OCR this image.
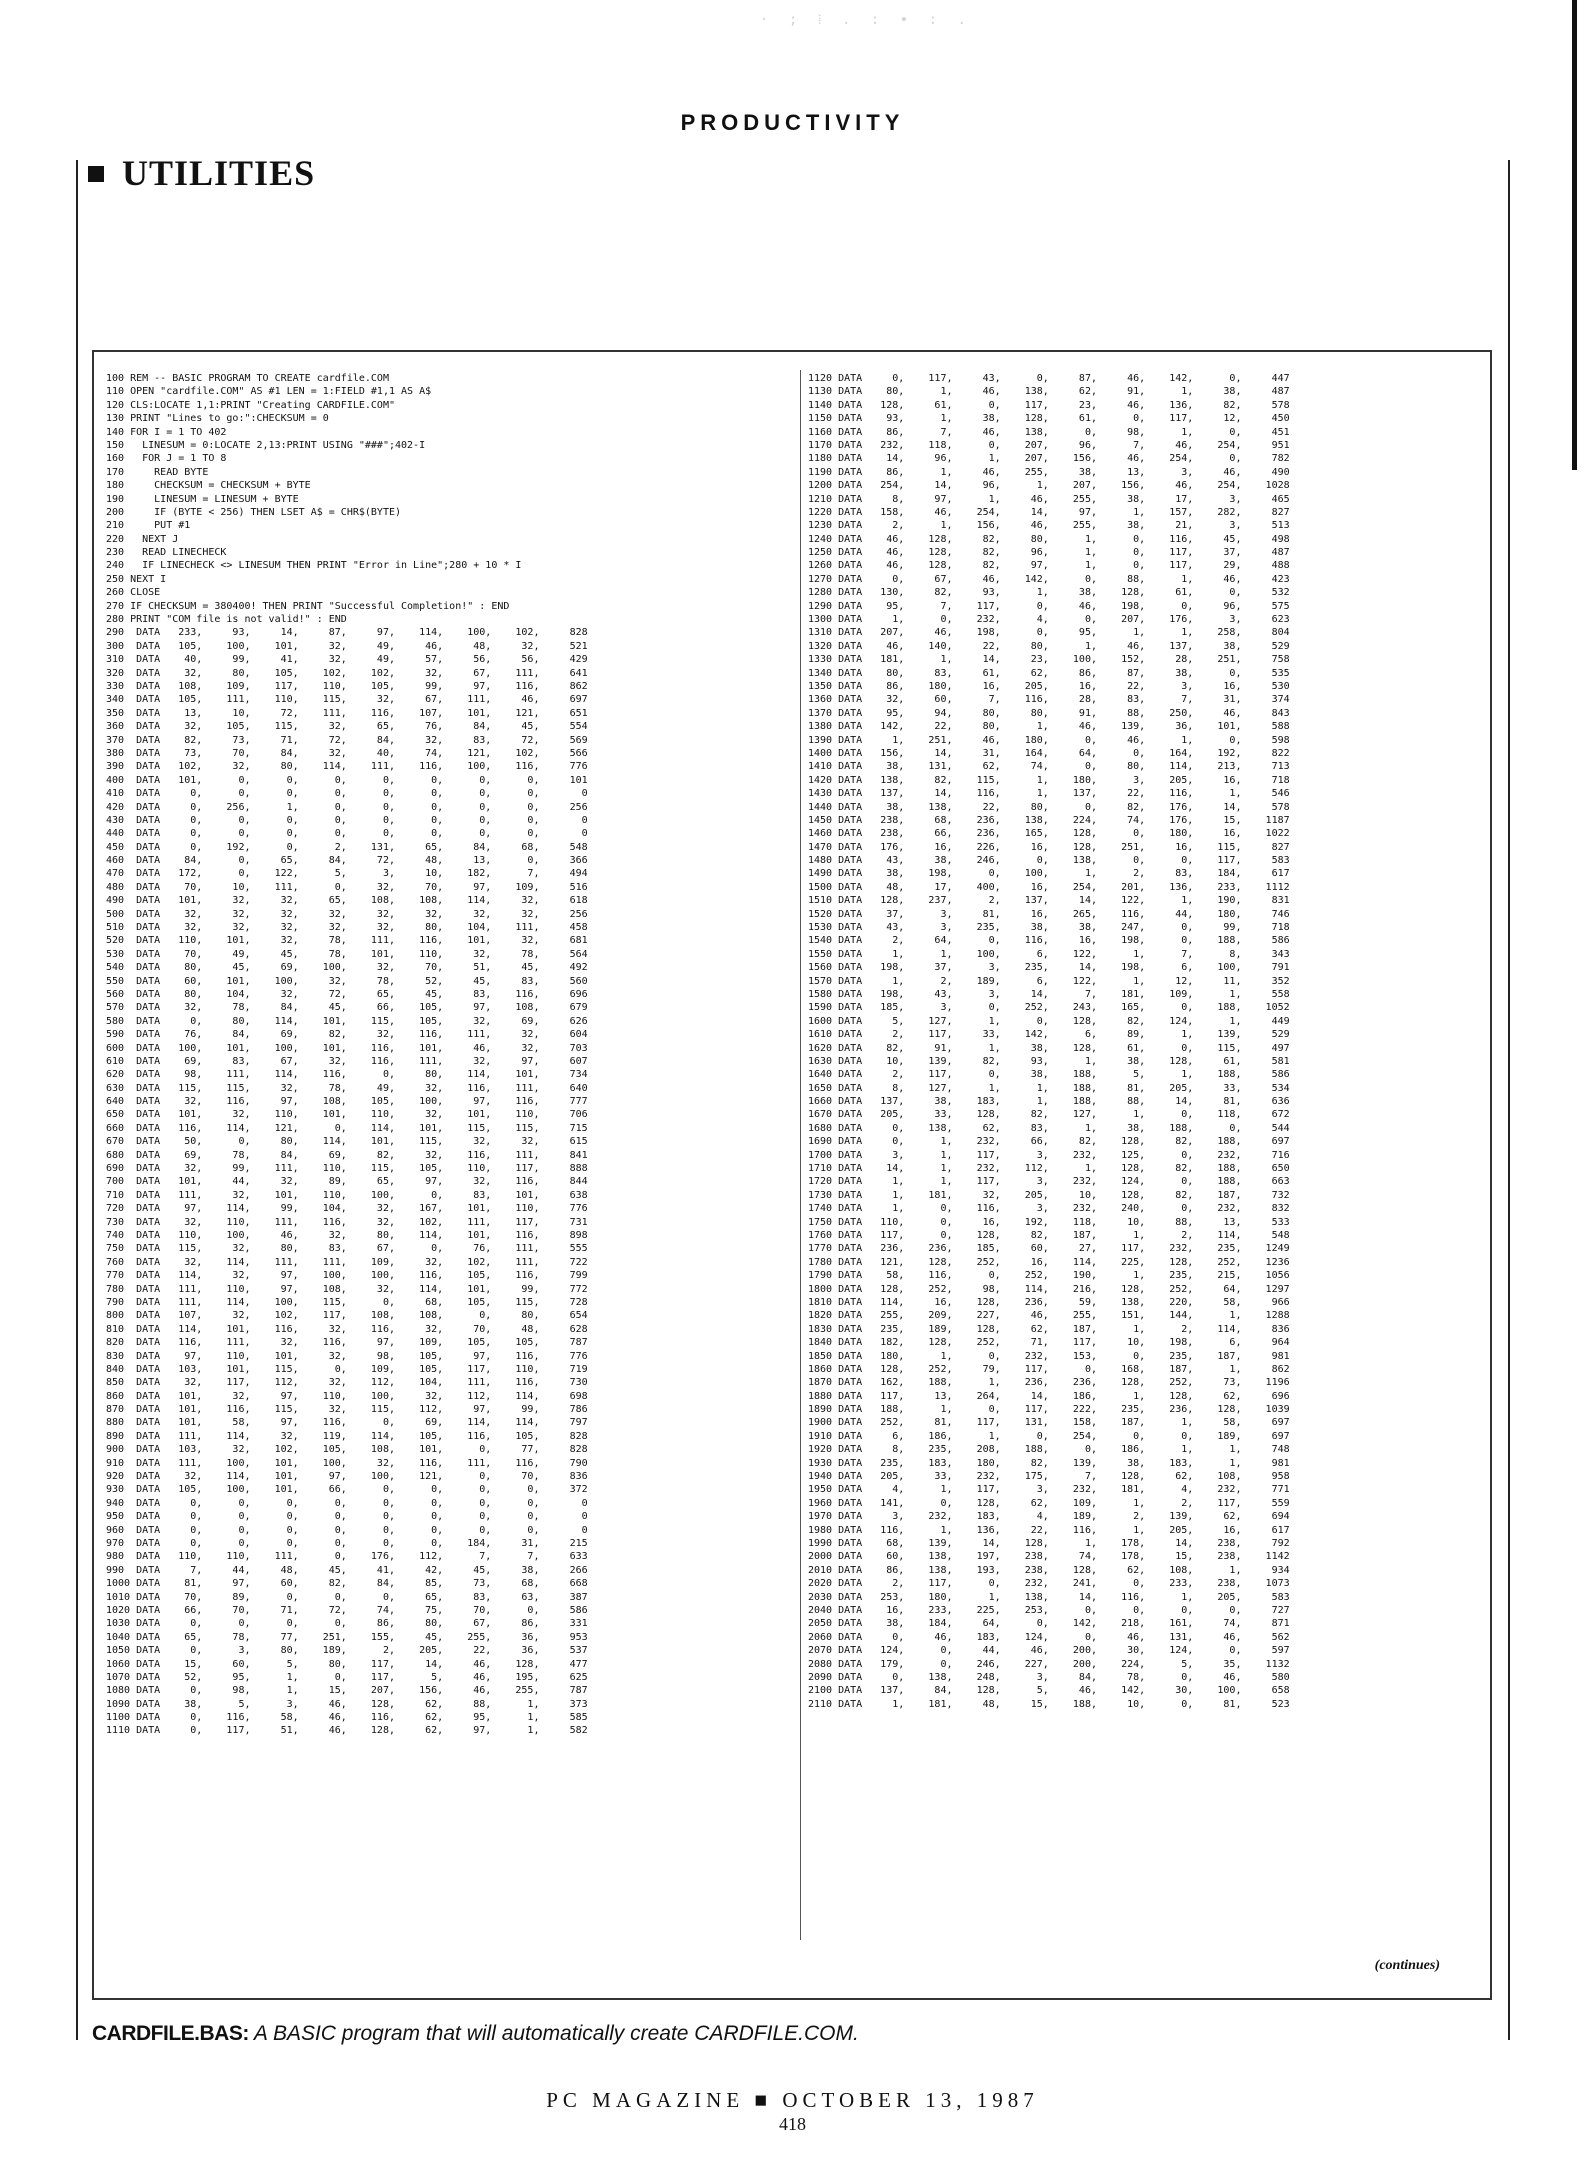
· ; ⁞ . : ∙ : .
PRODUCTIVITY
UTILITIES
100 REM -- BASIC PROGRAM TO CREATE cardfile.COM
110 OPEN "cardfile.COM" AS #1 LEN = 1:FIELD #1,1 AS A$
120 CLS:LOCATE 1,1:PRINT "Creating CARDFILE.COM"
130 PRINT "Lines to go:":CHECKSUM = 0
140 FOR I = 1 TO 402
150   LINESUM = 0:LOCATE 2,13:PRINT USING "###";402-I
160   FOR J = 1 TO 8
170     READ BYTE
180     CHECKSUM = CHECKSUM + BYTE
190     LINESUM = LINESUM + BYTE
200     IF (BYTE < 256) THEN LSET A$ = CHR$(BYTE)
210     PUT #1
220   NEXT J
230   READ LINECHECK
240   IF LINECHECK <> LINESUM THEN PRINT "Error in Line";280 + 10 * I
250 NEXT I
260 CLOSE
270 IF CHECKSUM = 380400! THEN PRINT "Successful Completion!" : END
280 PRINT "COM file is not valid!" : END
290  DATA   233,     93,     14,     87,     97,    114,    100,    102,     828
300  DATA   105,    100,    101,     32,     49,     46,     48,     32,     521
310  DATA    40,     99,     41,     32,     49,     57,     56,     56,     429
320  DATA    32,     80,    105,    102,    102,     32,     67,    111,     641
330  DATA   108,    109,    117,    110,    105,     99,     97,    116,     862
340  DATA   105,    111,    110,    115,     32,     67,    111,     46,     697
350  DATA    13,     10,     72,    111,    116,    107,    101,    121,     651
360  DATA    32,    105,    115,     32,     65,     76,     84,     45,     554
370  DATA    82,     73,     71,     72,     84,     32,     83,     72,     569
380  DATA    73,     70,     84,     32,     40,     74,    121,    102,     566
390  DATA   102,     32,     80,    114,    111,    116,    100,    116,     776
400  DATA   101,      0,      0,      0,      0,      0,      0,      0,     101
410  DATA     0,      0,      0,      0,      0,      0,      0,      0,       0
420  DATA     0,    256,      1,      0,      0,      0,      0,      0,     256
430  DATA     0,      0,      0,      0,      0,      0,      0,      0,       0
440  DATA     0,      0,      0,      0,      0,      0,      0,      0,       0
450  DATA     0,    192,      0,      2,    131,     65,     84,     68,     548
460  DATA    84,      0,     65,     84,     72,     48,     13,      0,     366
470  DATA   172,      0,    122,      5,      3,     10,    182,      7,     494
480  DATA    70,     10,    111,      0,     32,     70,     97,    109,     516
490  DATA   101,     32,     32,     65,    108,    108,    114,     32,     618
500  DATA    32,     32,     32,     32,     32,     32,     32,     32,     256
510  DATA    32,     32,     32,     32,     32,     80,    104,    111,     458
520  DATA   110,    101,     32,     78,    111,    116,    101,     32,     681
530  DATA    70,     49,     45,     78,    101,    110,     32,     78,     564
540  DATA    80,     45,     69,    100,     32,     70,     51,     45,     492
550  DATA    60,    101,    100,     32,     78,     52,     45,     83,     560
560  DATA    80,    104,     32,     72,     65,     45,     83,    116,     696
570  DATA    32,     78,     84,     45,     66,    105,     97,    108,     679
580  DATA     0,     80,    114,    101,    115,    105,     32,     69,     626
590  DATA    76,     84,     69,     82,     32,    116,    111,     32,     604
600  DATA   100,    101,    100,    101,    116,    101,     46,     32,     703
610  DATA    69,     83,     67,     32,    116,    111,     32,     97,     607
620  DATA    98,    111,    114,    116,      0,     80,    114,    101,     734
630  DATA   115,    115,     32,     78,     49,     32,    116,    111,     640
640  DATA    32,    116,     97,    108,    105,    100,     97,    116,     777
650  DATA   101,     32,    110,    101,    110,     32,    101,    110,     706
660  DATA   116,    114,    121,      0,    114,    101,    115,    115,     715
670  DATA    50,      0,     80,    114,    101,    115,     32,     32,     615
680  DATA    69,     78,     84,     69,     82,     32,    116,    111,     841
690  DATA    32,     99,    111,    110,    115,    105,    110,    117,     888
700  DATA   101,     44,     32,     89,     65,     97,     32,    116,     844
710  DATA   111,     32,    101,    110,    100,      0,     83,    101,     638
720  DATA    97,    114,     99,    104,     32,    167,    101,    110,     776
730  DATA    32,    110,    111,    116,     32,    102,    111,    117,     731
740  DATA   110,    100,     46,     32,     80,    114,    101,    116,     898
750  DATA   115,     32,     80,     83,     67,      0,     76,    111,     555
760  DATA    32,    114,    111,    111,    109,     32,    102,    111,     722
770  DATA   114,     32,     97,    100,    100,    116,    105,    116,     799
780  DATA   111,    110,     97,    108,     32,    114,    101,     99,     772
790  DATA   111,    114,    100,    115,      0,     68,    105,    115,     728
800  DATA   107,     32,    102,    117,    108,    108,      0,     80,     654
810  DATA   114,    101,    116,     32,    116,     32,     70,     48,     628
820  DATA   116,    111,     32,    116,     97,    109,    105,    105,     787
830  DATA    97,    110,    101,     32,     98,    105,     97,    116,     776
840  DATA   103,    101,    115,      0,    109,    105,    117,    110,     719
850  DATA    32,    117,    112,     32,    112,    104,    111,    116,     730
860  DATA   101,     32,     97,    110,    100,     32,    112,    114,     698
870  DATA   101,    116,    115,     32,    115,    112,     97,     99,     786
880  DATA   101,     58,     97,    116,      0,     69,    114,    114,     797
890  DATA   111,    114,     32,    119,    114,    105,    116,    105,     828
900  DATA   103,     32,    102,    105,    108,    101,      0,     77,     828
910  DATA   111,    100,    101,    100,     32,    116,    111,    116,     790
920  DATA    32,    114,    101,     97,    100,    121,      0,     70,     836
930  DATA   105,    100,    101,     66,      0,      0,      0,      0,     372
940  DATA     0,      0,      0,      0,      0,      0,      0,      0,       0
950  DATA     0,      0,      0,      0,      0,      0,      0,      0,       0
960  DATA     0,      0,      0,      0,      0,      0,      0,      0,       0
970  DATA     0,      0,      0,      0,      0,      0,    184,     31,     215
980  DATA   110,    110,    111,      0,    176,    112,      7,      7,     633
990  DATA     7,     44,     48,     45,     41,     42,     45,     38,     266
1000 DATA    81,     97,     60,     82,     84,     85,     73,     68,     668
1010 DATA    70,     89,      0,      0,      0,     65,     83,     63,     387
1020 DATA    66,     70,     71,     72,     74,     75,     70,      0,     586
1030 DATA     0,      0,      0,      0,     86,     80,     67,     86,     331
1040 DATA    65,     78,     77,    251,    155,     45,    255,     36,     953
1050 DATA     0,      3,     80,    189,      2,    205,     22,     36,     537
1060 DATA    15,     60,      5,     80,    117,     14,     46,    128,     477
1070 DATA    52,     95,      1,      0,    117,      5,     46,    195,     625
1080 DATA     0,     98,      1,     15,    207,    156,     46,    255,     787
1090 DATA    38,      5,      3,     46,    128,     62,     88,      1,     373
1100 DATA     0,    116,     58,     46,    116,     62,     95,      1,     585
1110 DATA     0,    117,     51,     46,    128,     62,     97,      1,     582
1120 DATA     0,    117,     43,      0,     87,     46,    142,      0,     447
1130 DATA    80,      1,     46,    138,     62,     91,      1,     38,     487
1140 DATA   128,     61,      0,    117,     23,     46,    136,     82,     578
1150 DATA    93,      1,     38,    128,     61,      0,    117,     12,     450
1160 DATA    86,      7,     46,    138,      0,     98,      1,      0,     451
1170 DATA   232,    118,      0,    207,     96,      7,     46,    254,     951
1180 DATA    14,     96,      1,    207,    156,     46,    254,      0,     782
1190 DATA    86,      1,     46,    255,     38,     13,      3,     46,     490
1200 DATA   254,     14,     96,      1,    207,    156,     46,    254,    1028
1210 DATA     8,     97,      1,     46,    255,     38,     17,      3,     465
1220 DATA   158,     46,    254,     14,     97,      1,    157,    282,     827
1230 DATA     2,      1,    156,     46,    255,     38,     21,      3,     513
1240 DATA    46,    128,     82,     80,      1,      0,    116,     45,     498
1250 DATA    46,    128,     82,     96,      1,      0,    117,     37,     487
1260 DATA    46,    128,     82,     97,      1,      0,    117,     29,     488
1270 DATA     0,     67,     46,    142,      0,     88,      1,     46,     423
1280 DATA   130,     82,     93,      1,     38,    128,     61,      0,     532
1290 DATA    95,      7,    117,      0,     46,    198,      0,     96,     575
1300 DATA     1,      0,    232,      4,      0,    207,    176,      3,     623
1310 DATA   207,     46,    198,      0,     95,      1,      1,    258,     804
1320 DATA    46,    140,     22,     80,      1,     46,    137,     38,     529
1330 DATA   181,      1,     14,     23,    100,    152,     28,    251,     758
1340 DATA    80,     83,     61,     62,     86,     87,     38,      0,     535
1350 DATA    86,    180,     16,    205,     16,     22,      3,     16,     530
1360 DATA    32,     60,      7,    116,     28,     83,      7,     31,     374
1370 DATA    95,     94,     80,     80,     91,     88,    250,     46,     843
1380 DATA   142,     22,     80,      1,     46,    139,     36,    101,     588
1390 DATA     1,    251,     46,    180,      0,     46,      1,      0,     598
1400 DATA   156,     14,     31,    164,     64,      0,    164,    192,     822
1410 DATA    38,    131,     62,     74,      0,     80,    114,    213,     713
1420 DATA   138,     82,    115,      1,    180,      3,    205,     16,     718
1430 DATA   137,     14,    116,      1,    137,     22,    116,      1,     546
1440 DATA    38,    138,     22,     80,      0,     82,    176,     14,     578
1450 DATA   238,     68,    236,    138,    224,     74,    176,     15,    1187
1460 DATA   238,     66,    236,    165,    128,      0,    180,     16,    1022
1470 DATA   176,     16,    226,     16,    128,    251,     16,    115,     827
1480 DATA    43,     38,    246,      0,    138,      0,      0,    117,     583
1490 DATA    38,    198,      0,    100,      1,      2,     83,    184,     617
1500 DATA    48,     17,    400,     16,    254,    201,    136,    233,    1112
1510 DATA   128,    237,      2,    137,     14,    122,      1,    190,     831
1520 DATA    37,      3,     81,     16,    265,    116,     44,    180,     746
1530 DATA    43,      3,    235,     38,     38,    247,      0,     99,     718
1540 DATA     2,     64,      0,    116,     16,    198,      0,    188,     586
1550 DATA     1,      1,    100,      6,    122,      1,      7,      8,     343
1560 DATA   198,     37,      3,    235,     14,    198,      6,    100,     791
1570 DATA     1,      2,    189,      6,    122,      1,     12,     11,     352
1580 DATA   198,     43,      3,     14,      7,    181,    109,      1,     558
1590 DATA   185,      3,      0,    252,    243,    165,      0,    188,    1052
1600 DATA     5,    127,      1,      0,    128,     82,    124,      1,     449
1610 DATA     2,    117,     33,    142,      6,     89,      1,    139,     529
1620 DATA    82,     91,      1,     38,    128,     61,      0,    115,     497
1630 DATA    10,    139,     82,     93,      1,     38,    128,     61,     581
1640 DATA     2,    117,      0,     38,    188,      5,      1,    188,     586
1650 DATA     8,    127,      1,      1,    188,     81,    205,     33,     534
1660 DATA   137,     38,    183,      1,    188,     88,     14,     81,     636
1670 DATA   205,     33,    128,     82,    127,      1,      0,    118,     672
1680 DATA     0,    138,     62,     83,      1,     38,    188,      0,     544
1690 DATA     0,      1,    232,     66,     82,    128,     82,    188,     697
1700 DATA     3,      1,    117,      3,    232,    125,      0,    232,     716
1710 DATA    14,      1,    232,    112,      1,    128,     82,    188,     650
1720 DATA     1,      1,    117,      3,    232,    124,      0,    188,     663
1730 DATA     1,    181,     32,    205,     10,    128,     82,    187,     732
1740 DATA     1,      0,    116,      3,    232,    240,      0,    232,     832
1750 DATA   110,      0,     16,    192,    118,     10,     88,     13,     533
1760 DATA   117,      0,    128,     82,    187,      1,      2,    114,     548
1770 DATA   236,    236,    185,     60,     27,    117,    232,    235,    1249
1780 DATA   121,    128,    252,     16,    114,    225,    128,    252,    1236
1790 DATA    58,    116,      0,    252,    190,      1,    235,    215,    1056
1800 DATA   128,    252,     98,    114,    216,    128,    252,     64,    1297
1810 DATA   114,     16,    128,    236,     59,    138,    220,     58,     966
1820 DATA   255,    209,    227,     46,    255,    151,    144,      1,    1288
1830 DATA   235,    189,    128,     62,    187,      1,      2,    114,     836
1840 DATA   182,    128,    252,     71,    117,     10,    198,      6,     964
1850 DATA   180,      1,      0,    232,    153,      0,    235,    187,     981
1860 DATA   128,    252,     79,    117,      0,    168,    187,      1,     862
1870 DATA   162,    188,      1,    236,    236,    128,    252,     73,    1196
1880 DATA   117,     13,    264,     14,    186,      1,    128,     62,     696
1890 DATA   188,      1,      0,    117,    222,    235,    236,    128,    1039
1900 DATA   252,     81,    117,    131,    158,    187,      1,     58,     697
1910 DATA     6,    186,      1,      0,    254,      0,      0,    189,     697
1920 DATA     8,    235,    208,    188,      0,    186,      1,      1,     748
1930 DATA   235,    183,    180,     82,    139,     38,    183,      1,     981
1940 DATA   205,     33,    232,    175,      7,    128,     62,    108,     958
1950 DATA     4,      1,    117,      3,    232,    181,      4,    232,     771
1960 DATA   141,      0,    128,     62,    109,      1,      2,    117,     559
1970 DATA     3,    232,    183,      4,    189,      2,    139,     62,     694
1980 DATA   116,      1,    136,     22,    116,      1,    205,     16,     617
1990 DATA    68,    139,     14,    128,      1,    178,     14,    238,     792
2000 DATA    60,    138,    197,    238,     74,    178,     15,    238,    1142
2010 DATA    86,    138,    193,    238,    128,     62,    108,      1,     934
2020 DATA     2,    117,      0,    232,    241,      0,    233,    238,    1073
2030 DATA   253,    180,      1,    138,     14,    116,      1,    205,     583
2040 DATA    16,    233,    225,    253,      0,      0,      0,      0,     727
2050 DATA    38,    184,     64,      0,    142,    218,    161,     74,     871
2060 DATA     0,     46,    183,    124,      0,     46,    131,     46,     562
2070 DATA   124,      0,     44,     46,    200,     30,    124,      0,     597
2080 DATA   179,      0,    246,    227,    200,    224,      5,     35,    1132
2090 DATA     0,    138,    248,      3,     84,     78,      0,     46,     580
2100 DATA   137,     84,    128,      5,     46,    142,     30,    100,     658
2110 DATA     1,    181,     48,     15,    188,     10,      0,     81,     523
(continues)
CARDFILE.BAS: A BASIC program that will automatically create CARDFILE.COM.
PC MAGAZINE ■ OCTOBER 13, 1987
418
